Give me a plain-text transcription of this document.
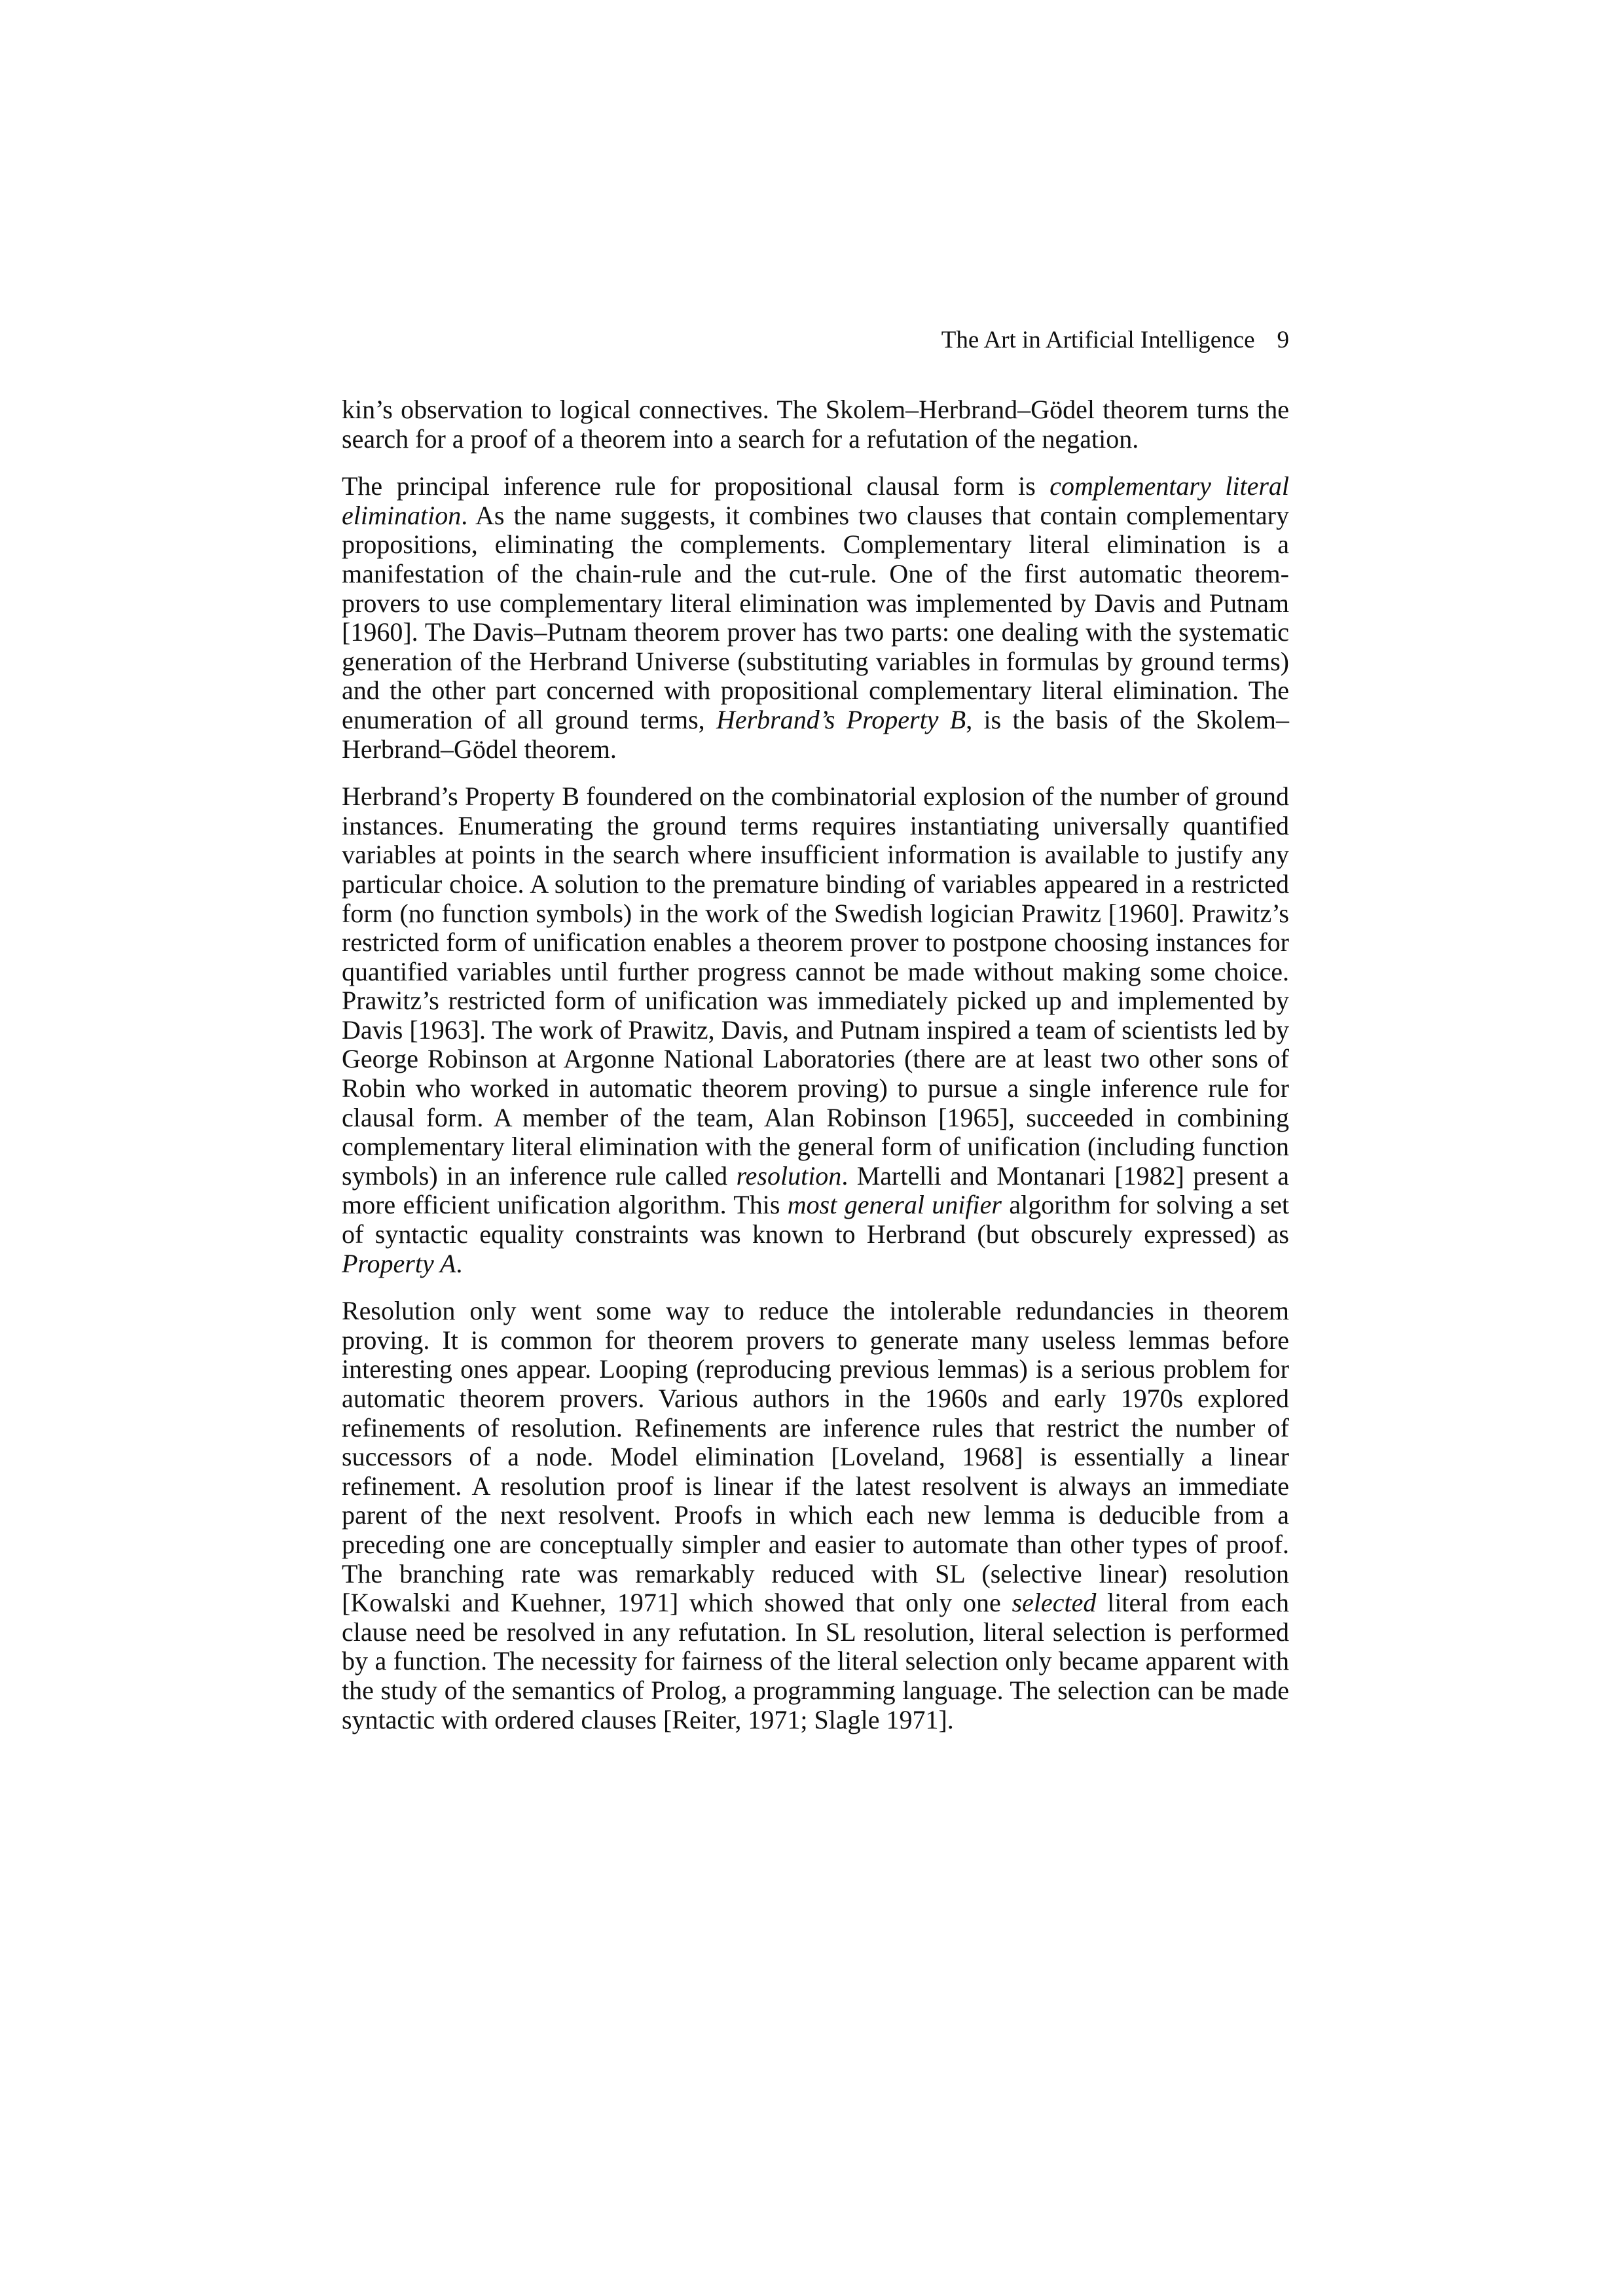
The Art in Artificial Intelligence 9

kin’s observation to logical connectives. The Skolem–Herbrand–Gödel theorem turns the search for a proof of a theorem into a search for a refutation of the negation.

The principal inference rule for propositional clausal form is complementary literal elimination. As the name suggests, it combines two clauses that contain complementary propositions, eliminating the complements. Complementary literal elimination is a manifestation of the chain-rule and the cut-rule. One of the first automatic theorem-provers to use complementary literal elimination was implemented by Davis and Putnam [1960]. The Davis–Putnam theorem prover has two parts: one dealing with the systematic generation of the Herbrand Universe (substituting variables in formulas by ground terms) and the other part concerned with propositional complementary literal elimination. The enumeration of all ground terms, Herbrand’s Property B, is the basis of the Skolem–Herbrand–Gödel theorem.

Herbrand’s Property B foundered on the combinatorial explosion of the number of ground instances. Enumerating the ground terms requires instantiating universally quantified variables at points in the search where insufficient information is available to justify any particular choice. A solution to the premature binding of variables appeared in a restricted form (no function symbols) in the work of the Swedish logician Prawitz [1960]. Prawitz’s restricted form of unification enables a theorem prover to postpone choosing instances for quantified variables until further progress cannot be made without making some choice. Prawitz’s restricted form of unification was immediately picked up and implemented by Davis [1963]. The work of Prawitz, Davis, and Putnam inspired a team of scientists led by George Robinson at Argonne National Laboratories (there are at least two other sons of Robin who worked in automatic theorem proving) to pursue a single inference rule for clausal form. A member of the team, Alan Robinson [1965], succeeded in combining complementary literal elimination with the general form of unification (including function symbols) in an inference rule called resolution. Martelli and Montanari [1982] present a more efficient unification algorithm. This most general unifier algorithm for solving a set of syntactic equality constraints was known to Herbrand (but obscurely expressed) as Property A.

Resolution only went some way to reduce the intolerable redundancies in theorem proving. It is common for theorem provers to generate many useless lemmas before interesting ones appear. Looping (reproducing previous lemmas) is a serious problem for automatic theorem provers. Various authors in the 1960s and early 1970s explored refinements of resolution. Refinements are inference rules that restrict the number of successors of a node. Model elimination [Loveland, 1968] is essentially a linear refinement. A resolution proof is linear if the latest resolvent is always an immediate parent of the next resolvent. Proofs in which each new lemma is deducible from a preceding one are conceptually simpler and easier to automate than other types of proof. The branching rate was remarkably reduced with SL (selective linear) resolution [Kowalski and Kuehner, 1971] which showed that only one selected literal from each clause need be resolved in any refutation. In SL resolution, literal selection is performed by a function. The necessity for fairness of the literal selection only became apparent with the study of the semantics of Prolog, a programming language. The selection can be made syntactic with ordered clauses [Reiter, 1971; Slagle 1971].
